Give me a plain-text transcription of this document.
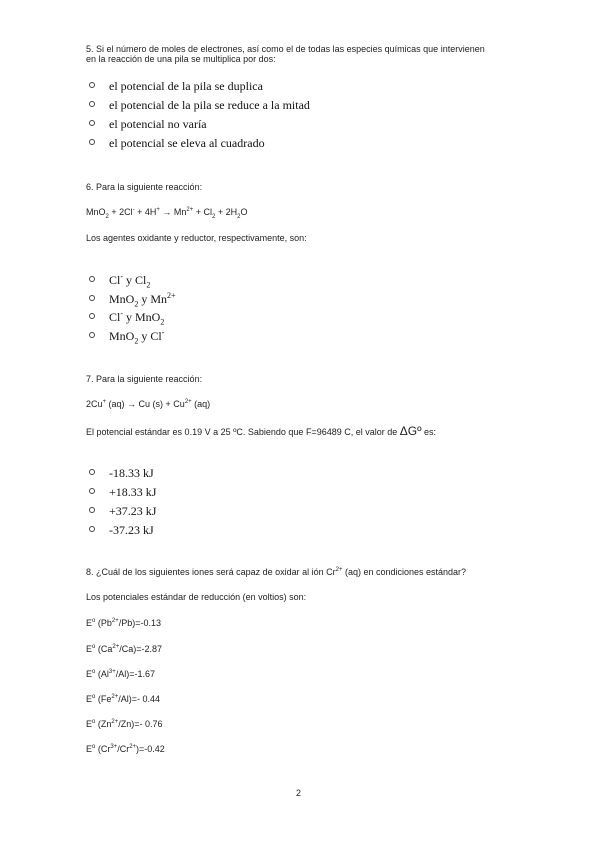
5. Si el número de moles de electrones, así como el de todas las especies químicas que intervienen
en la reacción de una pila se multiplica por dos:
el potencial de la pila se duplica
el potencial de la pila se reduce a la mitad
el potencial no varía
el potencial se eleva al cuadrado
6. Para la siguiente reacción:
$MnO_2 + 2Cl^- + 4H^+ \to Mn^{2+} + Cl_2 + 2H_2O$
Los agentes oxidante y reductor, respectivamente, son:
Cl- y $Cl_2$
MnO$_2$ y $Mn^{2+}$
Cl- y MnO$_2$
MnO$_2$ y Cl-
7. Para la siguiente reacción:
2Cu+ (aq) → Cu $(s) + Cu^{2+}$ (aq)
El potencial estándar es 0.19 V a 25 ºC. Sabiendo que F=96489 C, el valor de ΔGº es:
-18.33 kJ
+18.33 kJ
+37.23 kJ
-37.23 kJ
8. ¿Cuál de los siguientes iones será capaz de oxidar al ión $Cr^{2+}$ (aq) en condiciones estándar?
Los potenciales estándar de reducción (en voltios) son:
$E^o$ $(Pb^{2+}/Pb)=-0.13$
$E^o$ $(Ca^{2+}/Ca)=-2.87$
$E^o$ $(Al^{3+}/Al)=-1.67$
$E^o$ $(Fe^{2+}/Al)=-$ 0.44
$E^o$ $(Zn^{2+}/Zn)=-$ 0.76
$E^o$ $(Cr^{3+}/Cr^{2+})=-0.42$
2
